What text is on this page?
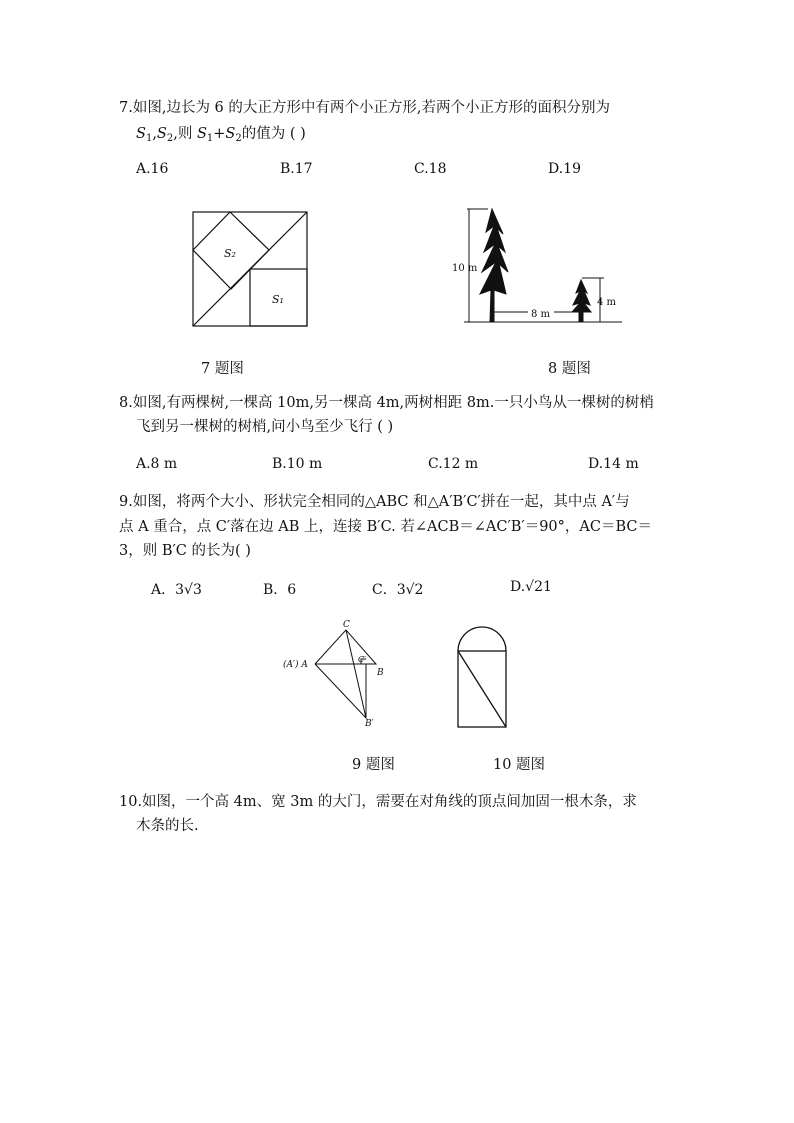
7.如图,边长为 6 的大正方形中有两个小正方形,若两个小正方形的面积分别为
$S_1,S_2$,则 $S_1+S_2$的值为 ( )
A.16	B.17	C.18	D.19
S₂
S₁
10 m
8 m
4 m
C
(A′) A
C′
B
B′
7 题图	8 题图
8.如图,有两棵树,一棵高 10m,另一棵高 4m,两树相距 8m.一只小鸟从一棵树的树梢
飞到另一棵树的树梢,问小鸟至少飞行 ( )
A.8 m	B.10 m	C.12 m	D.14 m
9.如图，将两个大小、形状完全相同的△ABC 和△A′B′C′拼在一起，其中点 A′与
点 A 重合，点 C′落在边 AB 上，连接 B′C. 若∠ACB＝∠AC′B′＝90°，AC＝BC＝
3，则 B′C 的长为( )
A．3√3	B．6	C．3√2	D.√21
9 题图	10 题图
10.如图，一个高 4m、宽 3m 的大门，需要在对角线的顶点间加固一根木条，求
木条的长.
